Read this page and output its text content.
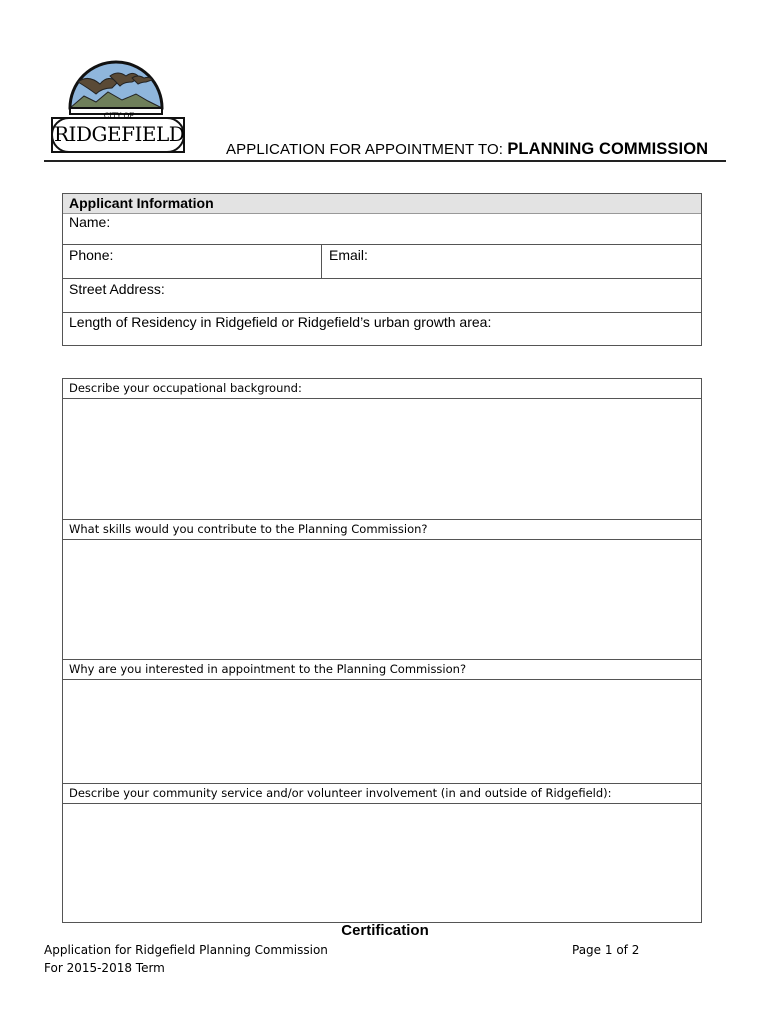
CITY OF
RIDGEFIELD
APPLICATION FOR APPOINTMENT TO: PLANNING COMMISSION
Applicant Information
Name:
Phone:	Email:
Street Address:
Length of Residency in Ridgefield or Ridgefield’s urban growth area:
Describe your occupational background:
What skills would you contribute to the Planning Commission?
Why are you interested in appointment to the Planning Commission?
Describe your community service and/or volunteer involvement (in and outside of Ridgefield):
Certification
Application for Ridgefield Planning Commission
For 2015-2018 Term
Page 1 of 2
